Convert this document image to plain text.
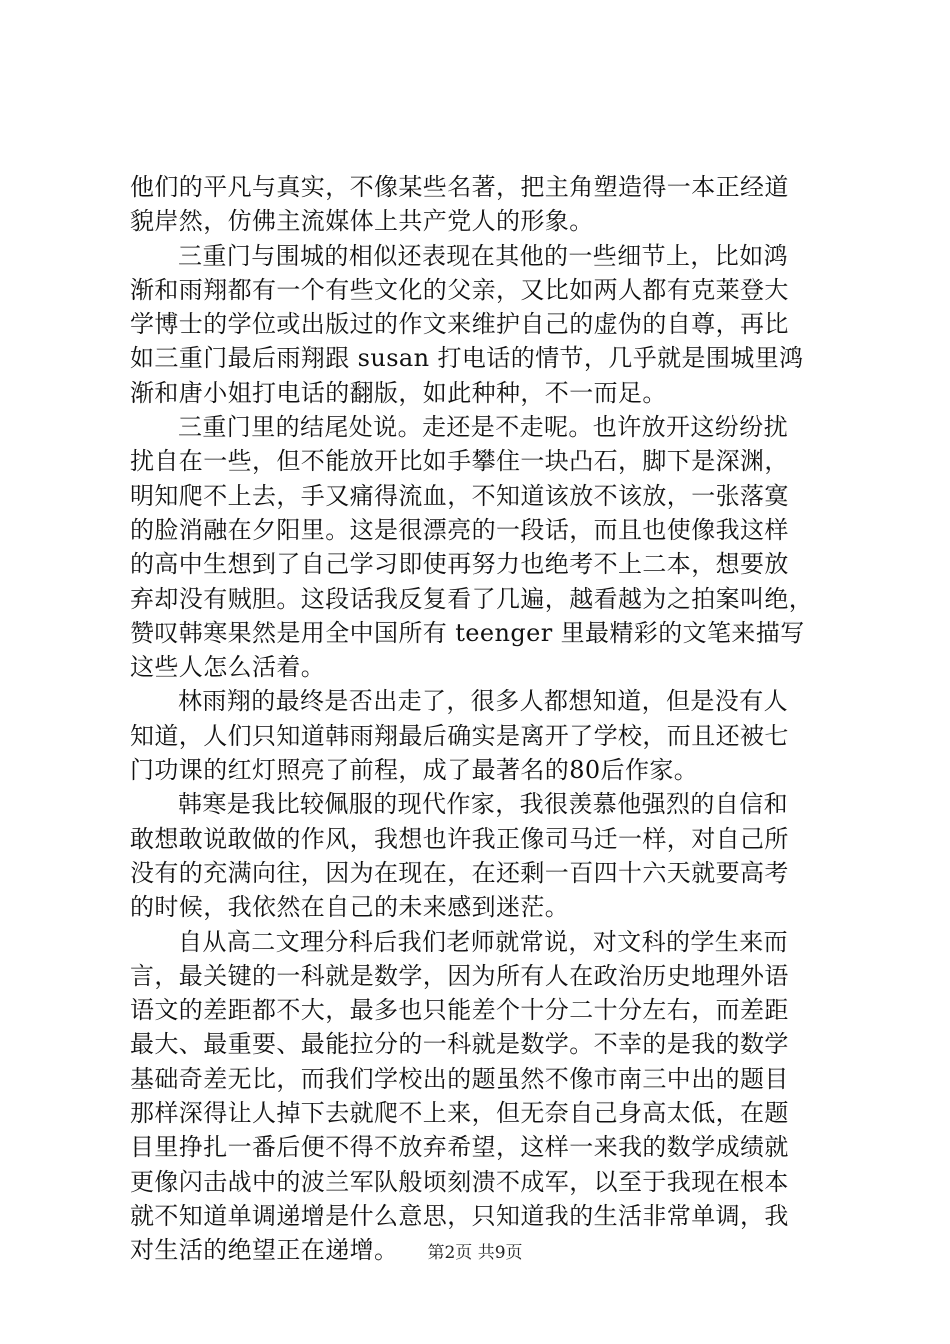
他们的平凡与真实，不像某些名著，把主角塑造得一本正经道
貌岸然，仿佛主流媒体上共产党人的形象。
三重门与围城的相似还表现在其他的一些细节上，比如鸿
渐和雨翔都有一个有些文化的父亲，又比如两人都有克莱登大
学博士的学位或出版过的作文来维护自己的虚伪的自尊，再比
如三重门最后雨翔跟 susan 打电话的情节，几乎就是围城里鸿
渐和唐小姐打电话的翻版，如此种种，不一而足。
三重门里的结尾处说。走还是不走呢。也许放开这纷纷扰
扰自在一些，但不能放开比如手攀住一块凸石，脚下是深渊，
明知爬不上去，手又痛得流血，不知道该放不该放，一张落寞
的脸消融在夕阳里。这是很漂亮的一段话，而且也使像我这样
的高中生想到了自己学习即使再努力也绝考不上二本，想要放
弃却没有贼胆。这段话我反复看了几遍，越看越为之拍案叫绝，
赞叹韩寒果然是用全中国所有 teenger 里最精彩的文笔来描写
这些人怎么活着。
林雨翔的最终是否出走了，很多人都想知道，但是没有人
知道，人们只知道韩雨翔最后确实是离开了学校，而且还被七
门功课的红灯照亮了前程，成了最著名的80后作家。
韩寒是我比较佩服的现代作家，我很羡慕他强烈的自信和
敢想敢说敢做的作风，我想也许我正像司马迁一样，对自己所
没有的充满向往，因为在现在，在还剩一百四十六天就要高考
的时候，我依然在自己的未来感到迷茫。
自从高二文理分科后我们老师就常说，对文科的学生来而
言，最关键的一科就是数学，因为所有人在政治历史地理外语
语文的差距都不大，最多也只能差个十分二十分左右，而差距
最大、最重要、最能拉分的一科就是数学。不幸的是我的数学
基础奇差无比，而我们学校出的题虽然不像市南三中出的题目
那样深得让人掉下去就爬不上来，但无奈自己身高太低，在题
目里挣扎一番后便不得不放弃希望，这样一来我的数学成绩就
更像闪击战中的波兰军队般顷刻溃不成军，以至于我现在根本
就不知道单调递增是什么意思，只知道我的生活非常单调，我
对生活的绝望正在递增。	第2页 共9页
